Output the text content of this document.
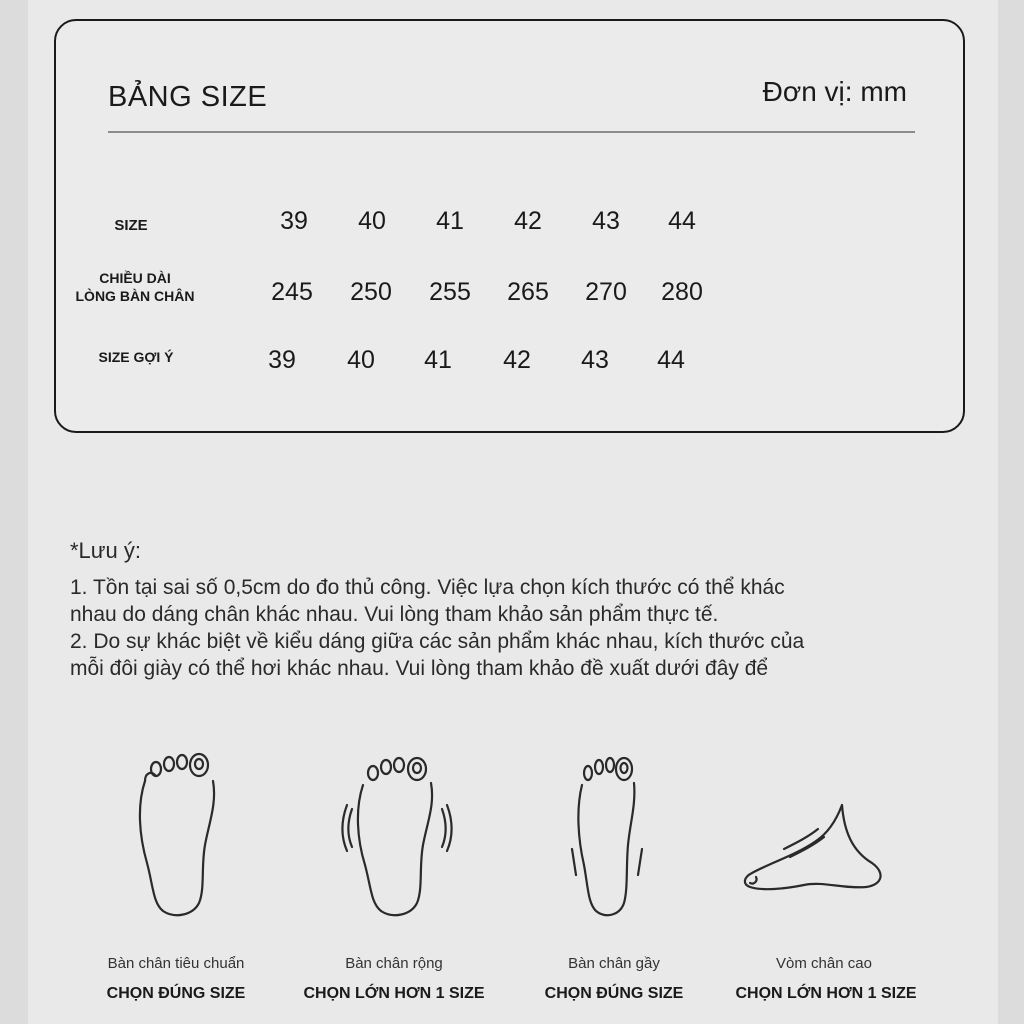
BẢNG SIZE	Đơn vị: mm
SIZE	39	40	41	42	43	44
CHIỀU DÀI
LÒNG BÀN CHÂN	245	250	255	265	270	280
SIZE GỢI Ý	39	40	41	42	43	44
*Lưu ý:
1. Tồn tại sai số 0,5cm do đo thủ công. Việc lựa chọn kích thước có thể khác
nhau do dáng chân khác nhau. Vui lòng tham khảo sản phẩm thực tế.
2. Do sự khác biệt về kiểu dáng giữa các sản phẩm khác nhau, kích thước của
mỗi đôi giày có thể hơi khác nhau. Vui lòng tham khảo đề xuất dưới đây để
Bàn chân tiêu chuẩn
CHỌN ĐÚNG SIZE
Bàn chân rộng
CHỌN LỚN HƠN 1 SIZE
Bàn chân gầy
CHỌN ĐÚNG SIZE
Vòm chân cao
CHỌN LỚN HƠN 1 SIZE
